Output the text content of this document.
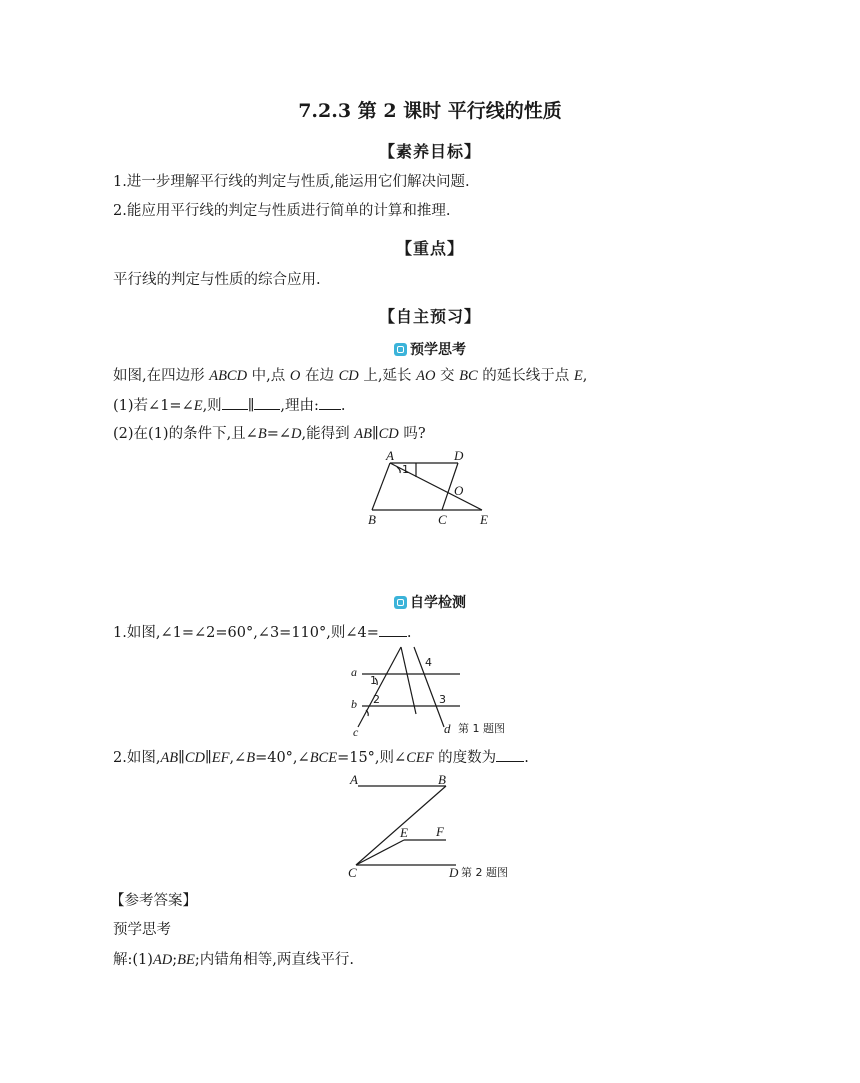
7.2.3 第 2 课时 平行线的性质
【素养目标】
1.进一步理解平行线的判定与性质,能运用它们解决问题.
2.能应用平行线的判定与性质进行简单的计算和推理.
【重点】
平行线的判定与性质的综合应用.
【自主预习】
预学思考
如图,在四边形 ABCD 中,点 O 在边 CD 上,延长 AO 交 BC 的延长线于点 E,
(1)若∠1=∠E,则 ∥ ,理由: .
(2)在(1)的条件下,且∠B=∠D,能得到 AB∥CD 吗?
A	D
1
O
B	C	E
自学检测
1.如图,∠1=∠2=60°,∠3=110°,则∠4= .
a
b
c	d
1
2	3
4
第 1 题图
2.如图,AB∥CD∥EF,∠B=40°,∠BCE=15°,则∠CEF 的度数为 .
A	B
E F
C	D 第 2 题图
【参考答案】
预学思考
解:(1)AD;BE;内错角相等,两直线平行.
